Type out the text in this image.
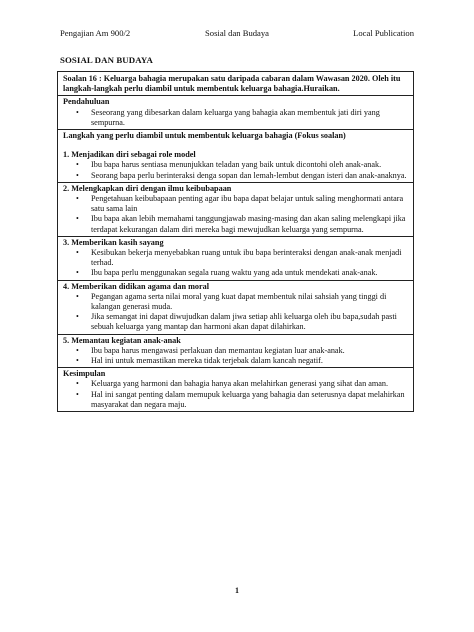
Pengajian Am 900/2	Sosial dan Budaya	Local Publication
SOSIAL DAN BUDAYA
Soalan 16 : Keluarga bahagia merupakan satu daripada cabaran dalam Wawasan 2020. Oleh itu langkah-langkah perlu diambil untuk membentuk keluarga bahagia.Huraikan.
Pendahuluan
• Seseorang yang dibesarkan dalam keluarga yang bahagia akan membentuk jati diri yang sempurna.
Langkah yang perlu diambil untuk membentuk keluarga bahagia (Fokus soalan)
1. Menjadikan diri sebagai role model
• Ibu bapa harus sentiasa menunjukkan teladan yang baik untuk dicontohi oleh anak-anak.
• Seorang bapa perlu berinteraksi denga sopan dan lemah-lembut dengan isteri dan anak-anaknya.
2. Melengkapkan diri dengan ilmu keibubapaan
• Pengetahuan keibubapaan penting agar ibu bapa dapat belajar untuk saling menghormati antara satu sama lain
• Ibu bapa akan lebih memahami tanggungjawab masing-masing dan akan saling melengkapi jika terdapat kekurangan dalam diri mereka bagi mewujudkan keluarga yang sempurna.
3. Memberikan kasih sayang
• Kesibukan bekerja menyebabkan ruang untuk ibu bapa berinteraksi dengan anak-anak menjadi terhad.
• Ibu bapa perlu menggunakan segala ruang waktu yang ada untuk mendekati anak-anak.
4. Memberikan didikan agama dan moral
• Pegangan agama serta nilai moral yang kuat dapat membentuk nilai sahsiah yang tinggi di kalangan generasi muda.
• Jika semangat ini dapat diwujudkan dalam jiwa setiap ahli keluarga oleh ibu bapa,sudah pasti sebuah keluarga yang mantap dan harmoni akan dapat dilahirkan.
5. Memantau kegiatan anak-anak
• Ibu bapa harus mengawasi perlakuan dan memantau kegiatan luar anak-anak.
• Hal ini untuk memastikan mereka tidak terjebak dalam kancah negatif.
Kesimpulan
• Keluarga yang harmoni dan bahagia hanya akan melahirkan generasi yang sihat dan aman.
• Hal ini sangat penting dalam memupuk keluarga yang bahagia dan seterusnya dapat melahirkan masyarakat dan negara maju.
1
